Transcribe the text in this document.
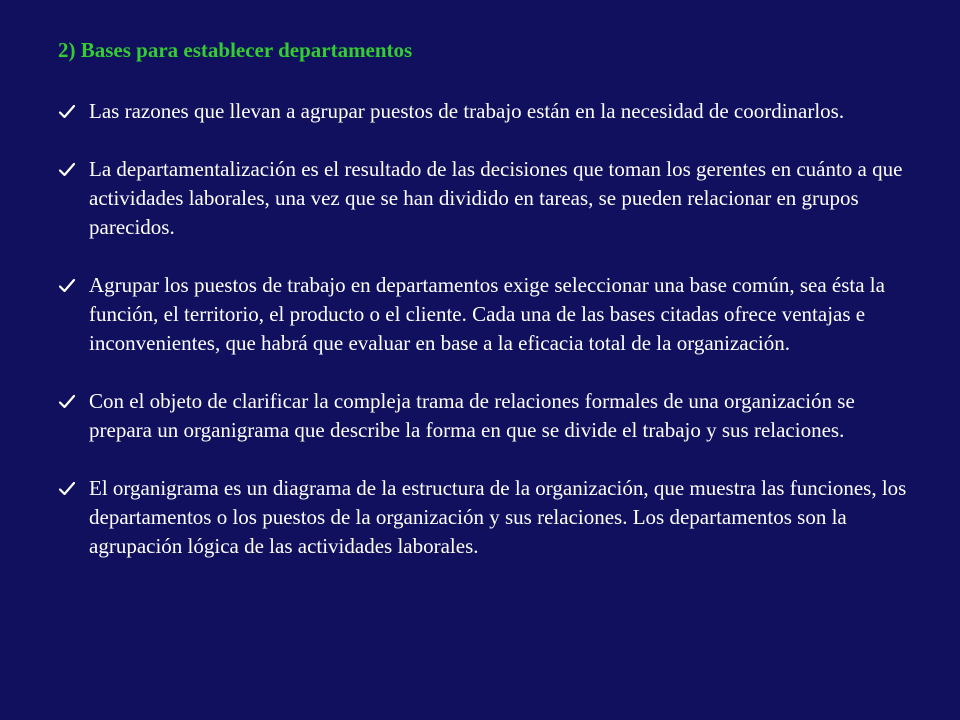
2) Bases para establecer departamentos
Las razones que llevan a agrupar puestos de trabajo están en la necesidad de coordinarlos.
La departamentalización es el resultado de las decisiones que toman los gerentes en cuánto a que actividades laborales, una vez que se han dividido en tareas, se pueden relacionar en grupos parecidos.
Agrupar los puestos de trabajo en departamentos exige seleccionar una base común, sea ésta la función, el territorio, el producto o el cliente. Cada una de las bases citadas ofrece ventajas e inconvenientes, que habrá que evaluar en base a la eficacia total de la organización.
Con el objeto de clarificar la compleja trama de relaciones formales de una organización se prepara un organigrama que describe la forma en que se divide el trabajo y sus relaciones.
El organigrama es un diagrama de la estructura de la organización, que muestra las funciones, los departamentos o los puestos de la organización y sus relaciones. Los departamentos son la agrupación lógica de las actividades laborales.
